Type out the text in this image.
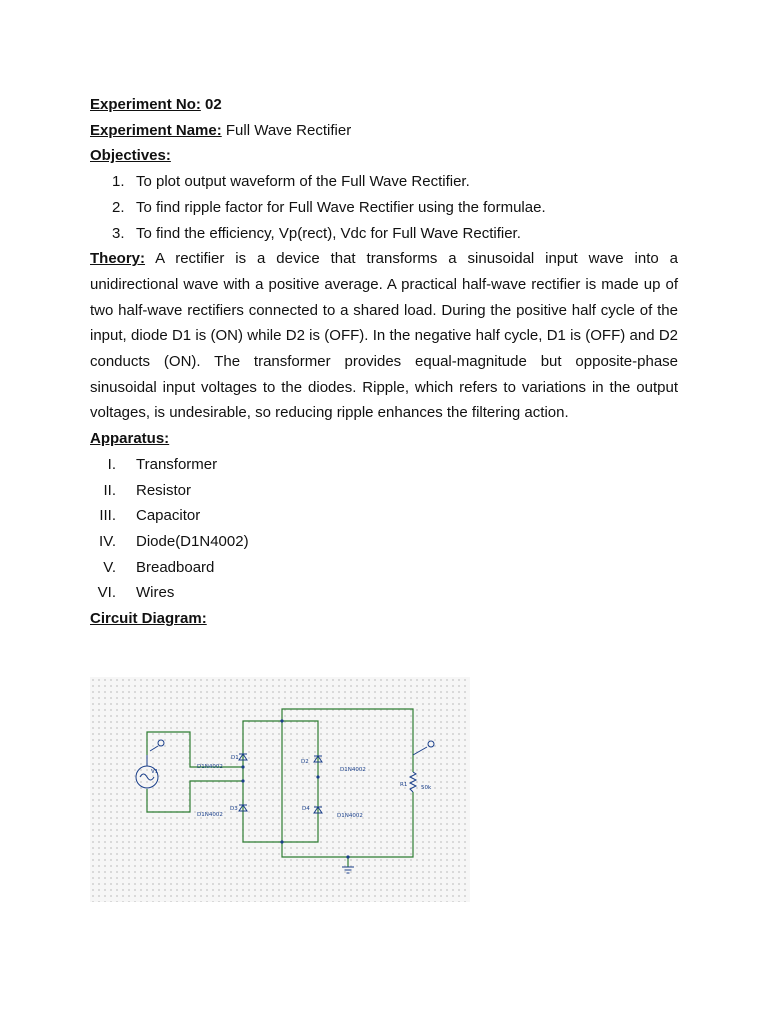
Experiment No: 02
Experiment Name: Full Wave Rectifier
Objectives:
1. To plot output waveform of the Full Wave Rectifier.
2. To find ripple factor for Full Wave Rectifier using the formulae.
3. To find the efficiency, Vp(rect), Vdc for Full Wave Rectifier.
Theory: A rectifier is a device that transforms a sinusoidal input wave into a unidirectional wave with a positive average. A practical half-wave rectifier is made up of two half-wave rectifiers connected to a shared load. During the positive half cycle of the input, diode D1 is (ON) while D2 is (OFF). In the negative half cycle, D1 is (OFF) and D2 conducts (ON). The transformer provides equal-magnitude but opposite-phase sinusoidal input voltages to the diodes. Ripple, which refers to variations in the output voltages, is undesirable, so reducing ripple enhances the filtering action.
Apparatus:
I. Transformer
II. Resistor
III. Capacitor
IV. Diode(D1N4002)
V. Breadboard
VI. Wires
Circuit Diagram:
V1
D1
D1N4002
D3
D1N4002
D2
D1N4002
D4
D1N4002
R1 50k
